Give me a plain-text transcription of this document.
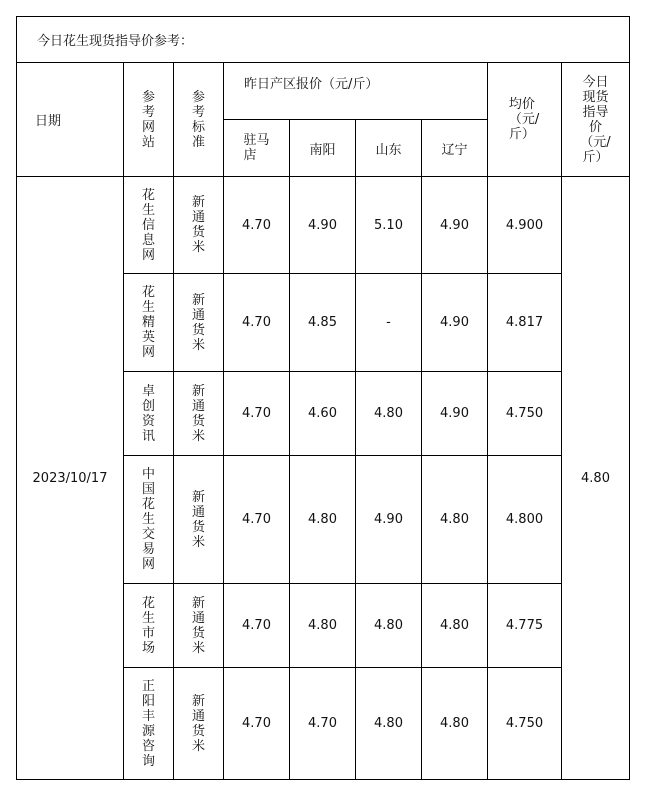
今日花生现货指导价参考：								
日期	参考网站	参考标准	昨日产区报价（元/斤）				均价（元/斤）	今日现货指导价（元/斤）
			驻马店	南阳	山东	辽宁		
2023/10/17	花生信息网	新通货米	4.70	4.90	5.10	4.90	4.900	4.80
	花生精英网	新通货米	4.70	4.85	-	4.90	4.817	
	卓创资讯	新通货米	4.70	4.60	4.80	4.90	4.750	
	中国花生交易网	新通货米	4.70	4.80	4.90	4.80	4.800	
	花生市场	新通货米	4.70	4.80	4.80	4.80	4.775	
	正阳丰源咨询	新通货米	4.70	4.70	4.80	4.80	4.750	
